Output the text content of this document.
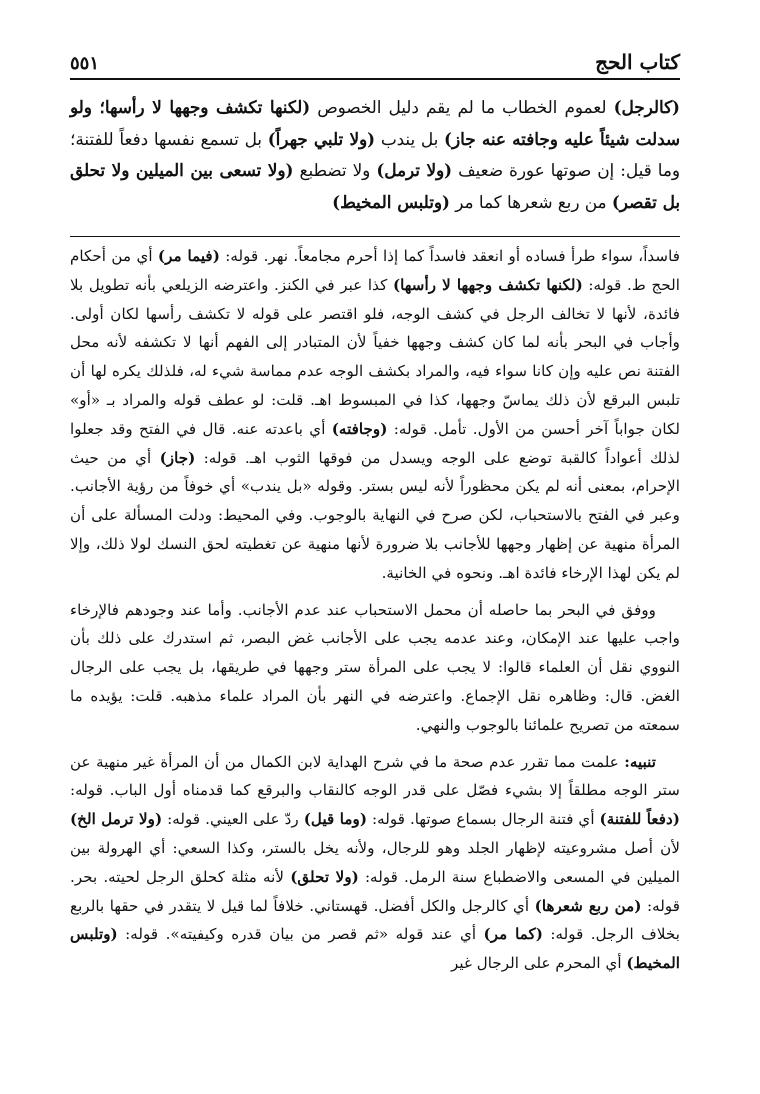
كتاب الحج
٥٥١
(كالرجل) لعموم الخطاب ما لم يقم دليل الخصوص (لكنها تكشف وجهها لا رأسها؛ ولو سدلت شيئاً عليه وجافته عنه جاز) بل يندب (ولا تلبي جهراً) بل تسمع نفسها دفعاً للفتنة؛ وما قيل: إن صوتها عورة ضعيف (ولا ترمل) ولا تضطبع (ولا تسعى بين الميلين ولا تحلق بل تقصر) من ربع شعرها كما مر (وتلبس المخيط)

فاسداً، سواء طرأ فساده أو انعقد فاسداً كما إذا أحرم مجامعاً. نهر. قوله: (فيما مر) أي من أحكام الحج ط. قوله: (لكنها تكشف وجهها لا رأسها) كذا عبر في الكنز. واعترضه الزيلعي بأنه تطويل بلا فائدة، لأنها لا تخالف الرجل في كشف الوجه، فلو اقتصر على قوله لا تكشف رأسها لكان أولى. وأجاب في البحر بأنه لما كان كشف وجهها خفياً لأن المتبادر إلى الفهم أنها لا تكشفه لأنه محل الفتنة نص عليه وإن كانا سواء فيه، والمراد بكشف الوجه عدم مماسة شيء له، فلذلك يكره لها أن تلبس البرقع لأن ذلك يماسّ وجهها، كذا في المبسوط اهـ. قلت: لو عطف قوله والمراد بـ «أو» لكان جواباً آخر أحسن من الأول. تأمل. قوله: (وجافته) أي باعدته عنه. قال في الفتح وقد جعلوا لذلك أعواداً كالقبة توضع على الوجه ويسدل من فوقها الثوب اهـ. قوله: (جاز) أي من حيث الإحرام، بمعنى أنه لم يكن محظوراً لأنه ليس بستر. وقوله «بل يندب» أي خوفاً من رؤية الأجانب. وعبر في الفتح بالاستحباب، لكن صرح في النهاية بالوجوب. وفي المحيط: ودلت المسألة على أن المرأة منهية عن إظهار وجهها للأجانب بلا ضرورة لأنها منهية عن تغطيته لحق النسك لولا ذلك، وإلا لم يكن لهذا الإرخاء فائدة اهـ. ونحوه في الخانية.

ووفق في البحر بما حاصله أن محمل الاستحباب عند عدم الأجانب. وأما عند وجودهم فالإرخاء واجب عليها عند الإمكان، وعند عدمه يجب على الأجانب غض البصر، ثم استدرك على ذلك بأن النووي نقل أن العلماء قالوا: لا يجب على المرأة ستر وجهها في طريقها، بل يجب على الرجال الغض. قال: وظاهره نقل الإجماع. واعترضه في النهر بأن المراد علماء مذهبه. قلت: يؤيده ما سمعته من تصريح علمائنا بالوجوب والنهي.

تنبيه: علمت مما تقرر عدم صحة ما في شرح الهداية لابن الكمال من أن المرأة غير منهية عن ستر الوجه مطلقاً إلا بشيء فصّل على قدر الوجه كالنقاب والبرقع كما قدمناه أول الباب. قوله: (دفعاً للفتنة) أي فتنة الرجال بسماع صوتها. قوله: (وما قيل) ردّ على العيني. قوله: (ولا ترمل الخ) لأن أصل مشروعيته لإظهار الجلد وهو للرجال، ولأنه يخل بالستر، وكذا السعي: أي الهرولة بين الميلين في المسعى والاضطباع سنة الرمل. قوله: (ولا تحلق) لأنه مثلة كحلق الرجل لحيته. بحر. قوله: (من ربع شعرها) أي كالرجل والكل أفضل. قهستاني. خلافاً لما قيل لا يتقدر في حقها بالربع بخلاف الرجل. قوله: (كما مر) أي عند قوله «ثم قصر من بيان قدره وكيفيته». قوله: (وتلبس المخيط) أي المحرم على الرجال غير
